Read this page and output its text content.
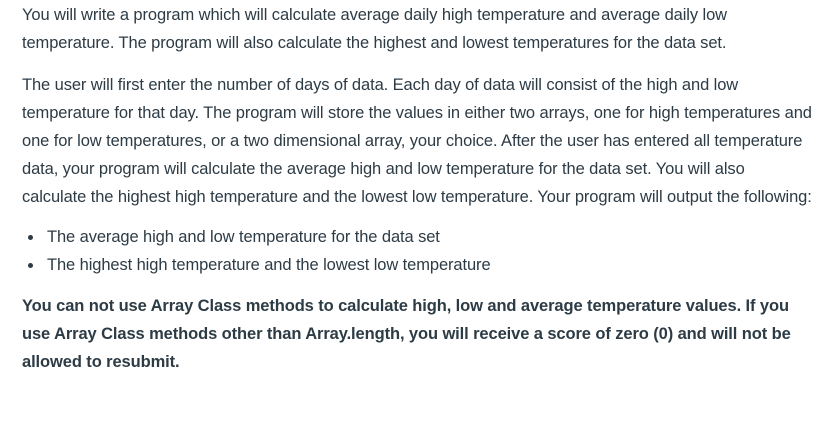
You will write a program which will calculate average daily high temperature and average daily low temperature. The program will also calculate the highest and lowest temperatures for the data set.

The user will first enter the number of days of data. Each day of data will consist of the high and low temperature for that day. The program will store the values in either two arrays, one for high temperatures and one for low temperatures, or a two dimensional array, your choice. After the user has entered all temperature data, your program will calculate the average high and low temperature for the data set. You will also calculate the highest high temperature and the lowest low temperature. Your program will output the following:

The average high and low temperature for the data set
The highest high temperature and the lowest low temperature

You can not use Array Class methods to calculate high, low and average temperature values. If you use Array Class methods other than Array.length, you will receive a score of zero (0) and will not be allowed to resubmit.
